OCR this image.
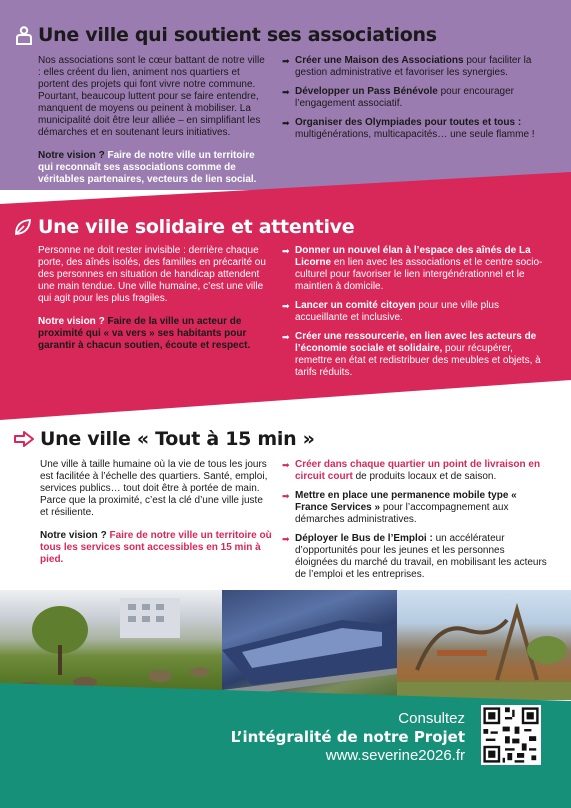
Une ville qui soutient ses associations

Nos associations sont le cœur battant de notre ville : elles créent du lien, animent nos quartiers et portent des projets qui font vivre notre commune. Pourtant, beaucoup luttent pour se faire entendre, manquent de moyens ou peinent à mobiliser. La municipalité doit être leur alliée – en simplifiant les démarches et en soutenant leurs initiatives.

Notre vision ? Faire de notre ville un territoire qui reconnaît ses associations comme de véritables partenaires, vecteurs de lien social.

➡ Créer une Maison des Associations pour faciliter la gestion administrative et favoriser les synergies.
➡ Développer un Pass Bénévole pour encourager l’engagement associatif.
➡ Organiser des Olympiades pour toutes et tous : multigénérations, multicapacités… une seule flamme !
Une ville solidaire et attentive

Personne ne doit rester invisible : derrière chaque porte, des aînés isolés, des familles en précarité ou des personnes en situation de handicap attendent une main tendue. Une ville humaine, c’est une ville qui agit pour les plus fragiles.

Notre vision ? Faire de la ville un acteur de proximité qui « va vers » ses habitants pour garantir à chacun soutien, écoute et respect.

➡ Donner un nouvel élan à l’espace des aînés de La Licorne en lien avec les associations et le centre socio-culturel pour favoriser le lien intergénérationnel et le maintien à domicile.
➡ Lancer un comité citoyen pour une ville plus accueillante et inclusive.
➡ Créer une ressourcerie, en lien avec les acteurs de l’économie sociale et solidaire, pour récupérer, remettre en état et redistribuer des meubles et objets, à tarifs réduits.
Une ville « Tout à 15 min »

Une ville à taille humaine où la vie de tous les jours est facilitée à l’échelle des quartiers. Santé, emploi, services publics… tout doit être à portée de main. Parce que la proximité, c’est la clé d’une ville juste et résiliente.

Notre vision ? Faire de notre ville un territoire où tous les services sont accessibles en 15 min à pied.

➡ Créer dans chaque quartier un point de livraison en circuit court de produits locaux et de saison.
➡ Mettre en place une permanence mobile type « France Services » pour l’accompagnement aux démarches administratives.
➡ Déployer le Bus de l’Emploi : un accélérateur d’opportunités pour les jeunes et les personnes éloignées du marché du travail, en mobilisant les acteurs de l’emploi et les entreprises.
Consultez
L’intégralité de notre Projet
www.severine2026.fr
